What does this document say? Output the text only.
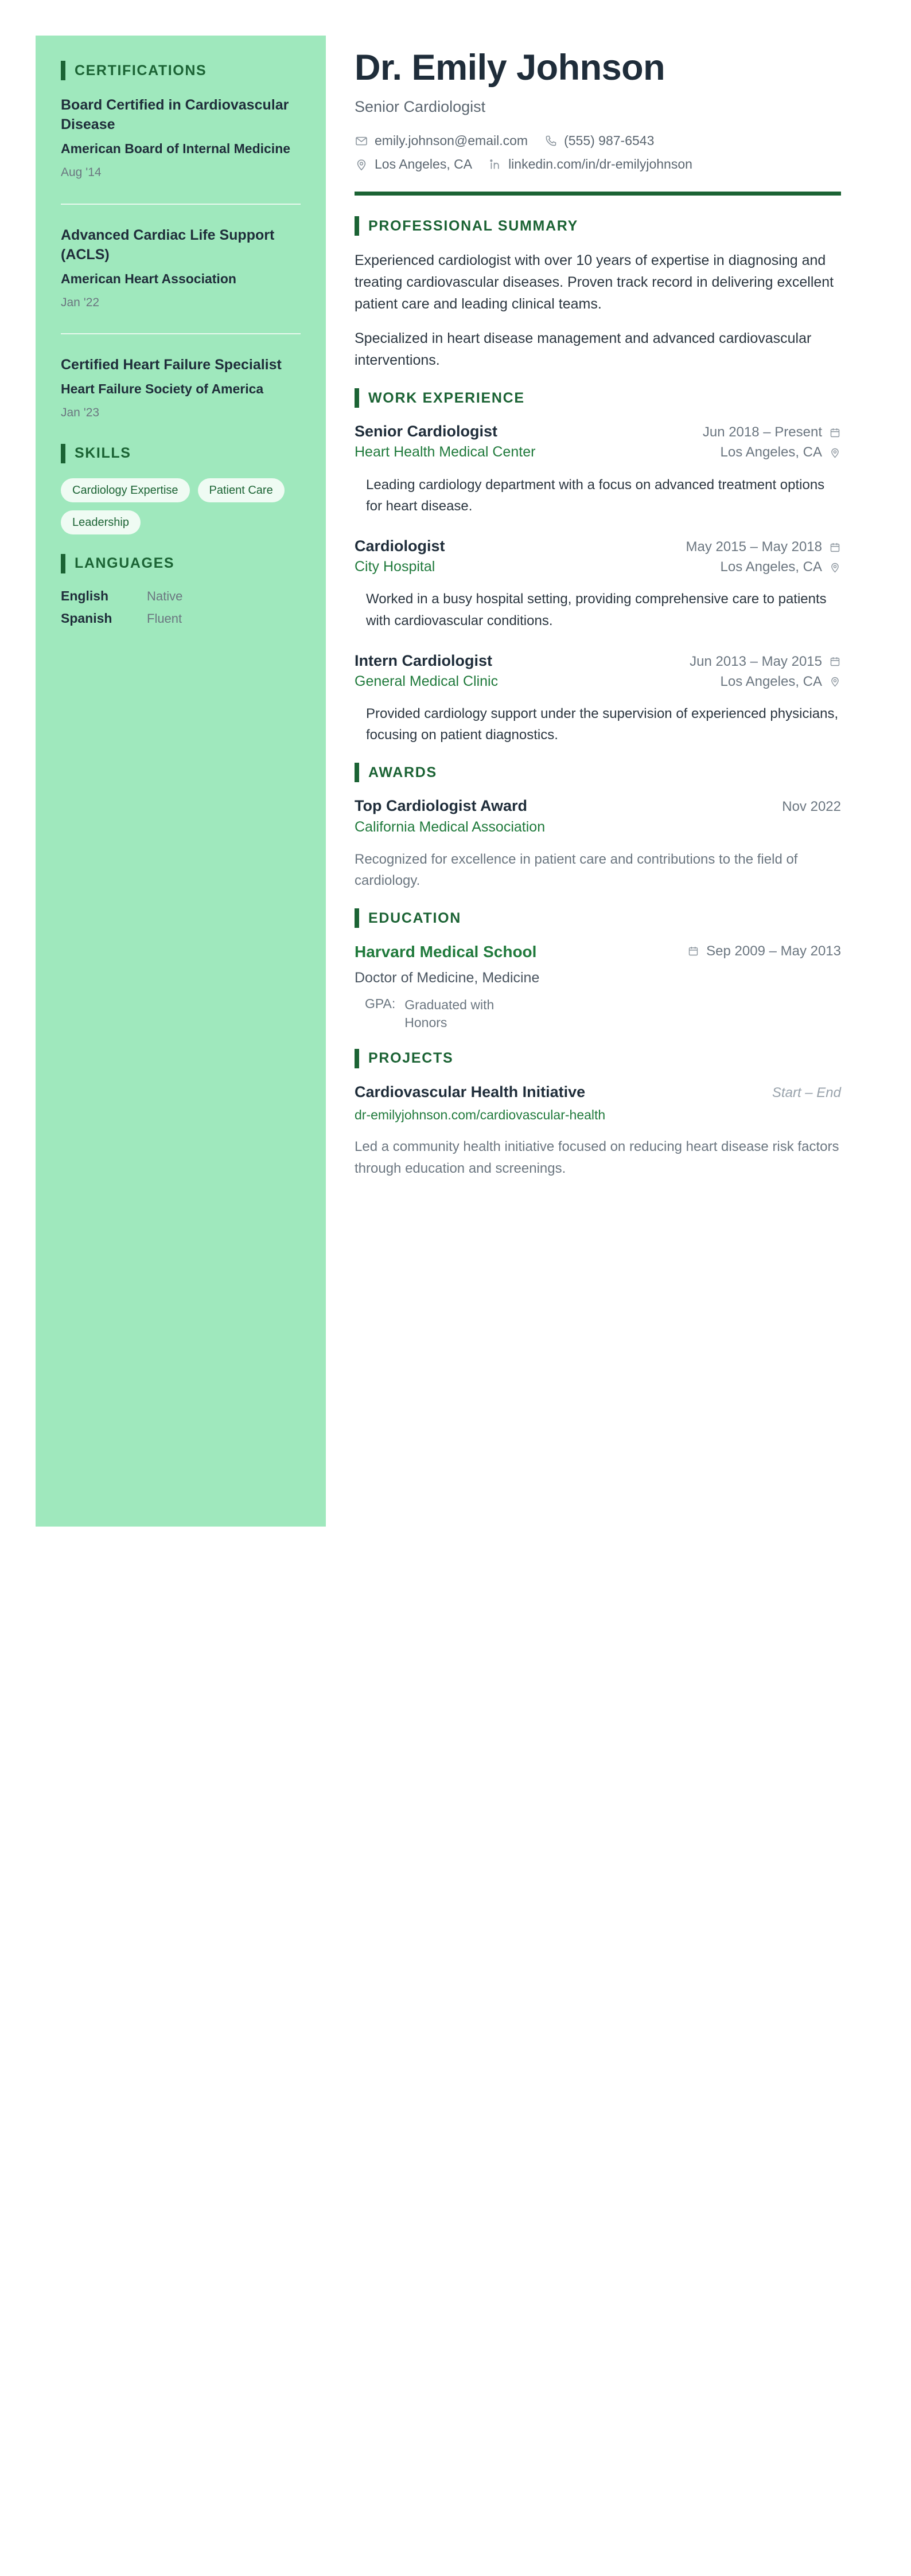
CERTIFICATIONS
Board Certified in Cardiovascular Disease
American Board of Internal Medicine
Aug '14
Advanced Cardiac Life Support (ACLS)
American Heart Association
Jan '22
Certified Heart Failure Specialist
Heart Failure Society of America
Jan '23
SKILLS
Cardiology Expertise	Patient Care
Leadership
LANGUAGES
English	Native
Spanish	Fluent
Dr. Emily Johnson
Senior Cardiologist
emily.johnson@email.com	(555) 987-6543
Los Angeles, CA	linkedin.com/in/dr-emilyjohnson
PROFESSIONAL SUMMARY

Experienced cardiologist with over 10 years of expertise in diagnosing and treating cardiovascular diseases. Proven track record in delivering excellent patient care and leading clinical teams.

Specialized in heart disease management and advanced cardiovascular interventions.

WORK EXPERIENCE
Senior Cardiologist	Jun 2018 – Present
Heart Health Medical Center	Los Angeles, CA

Leading cardiology department with a focus on advanced treatment options for heart disease.

Cardiologist	May 2015 – May 2018
City Hospital	Los Angeles, CA

Worked in a busy hospital setting, providing comprehensive care to patients with cardiovascular conditions.

Intern Cardiologist	Jun 2013 – May 2015
General Medical Clinic	Los Angeles, CA

Provided cardiology support under the supervision of experienced physicians, focusing on patient diagnostics.

AWARDS
Top Cardiologist Award	Nov 2022
California Medical Association

Recognized for excellence in patient care and contributions to the field of cardiology.

EDUCATION
Harvard Medical School	Sep 2009 – May 2013
Doctor of Medicine, Medicine
GPA: Graduated with Honors
PROJECTS
Cardiovascular Health Initiative	Start – End
dr-emilyjohnson.com/cardiovascular-health

Led a community health initiative focused on reducing heart disease risk factors through education and screenings.
